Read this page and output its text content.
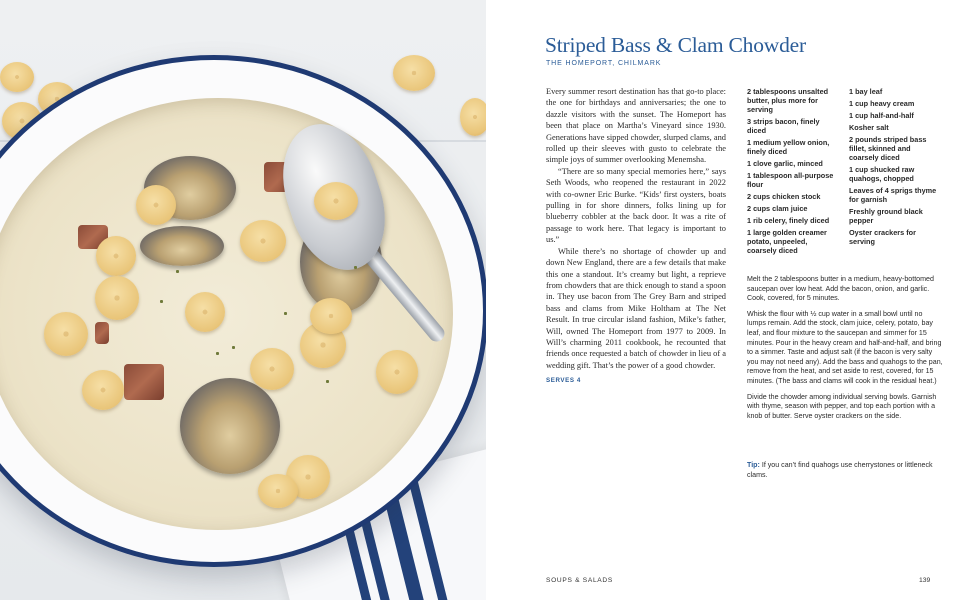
Striped Bass & Clam Chowder
THE HOMEPORT, CHILMARK

Every summer resort destination has that go-to place: the one for birthdays and anniversaries; the one to dazzle visitors with the sunset. The Homeport has been that place on Martha’s Vineyard since 1930. Generations have sipped chowder, slurped clams, and rolled up their sleeves with gusto to celebrate the simple joys of summer overlooking Menemsha.

“There are so many special memories here,” says Seth Woods, who reopened the restaurant in 2022 with co-owner Eric Burke. “Kids’ first oysters, boats pulling in for shore dinners, folks lining up for blueberry cobbler at the back door. It was a rite of passage to work here. That legacy is important to us.”

While there’s no shortage of chowder up and down New England, there are a few details that make this one a standout. It’s creamy but light, a reprieve from chowders that are thick enough to stand a spoon in. They use bacon from The Grey Barn and striped bass and clams from Mike Holtham at The Net Result. In true circular island fashion, Mike’s father, Will, owned The Homeport from 1977 to 2009. In Will’s charming 2011 cookbook, he recounted that friends once requested a batch of chowder in lieu of a wedding gift. That’s the power of a good chowder.

SERVES 4
2 tablespoons unsalted butter, plus more for serving
3 strips bacon, finely diced
1 medium yellow onion, finely diced
1 clove garlic, minced
1 tablespoon all-purpose flour
2 cups chicken stock
2 cups clam juice
1 rib celery, finely diced
1 large golden creamer potato, unpeeled, coarsely diced
1 bay leaf
1 cup heavy cream
1 cup half-and-half
Kosher salt
2 pounds striped bass fillet, skinned and coarsely diced
1 cup shucked raw quahogs, chopped
Leaves of 4 sprigs thyme for garnish
Freshly ground black pepper
Oyster crackers for serving

Melt the 2 tablespoons butter in a medium, heavy-bottomed saucepan over low heat. Add the bacon, onion, and garlic. Cook, covered, for 5 minutes.

Whisk the flour with ½ cup water in a small bowl until no lumps remain. Add the stock, clam juice, celery, potato, bay leaf, and flour mixture to the saucepan and simmer for 15 minutes. Pour in the heavy cream and half-and-half, and bring to a simmer. Taste and adjust salt (if the bacon is very salty you may not need any). Add the bass and quahogs to the pan, remove from the heat, and set aside to rest, covered, for 15 minutes. (The bass and clams will cook in the residual heat.)

Divide the chowder among individual serving bowls. Garnish with thyme, season with pepper, and top each portion with a knob of butter. Serve oyster crackers on the side.

Tip: If you can’t find quahogs use cherrystones or littleneck clams.
SOUPS & SALADS	139
